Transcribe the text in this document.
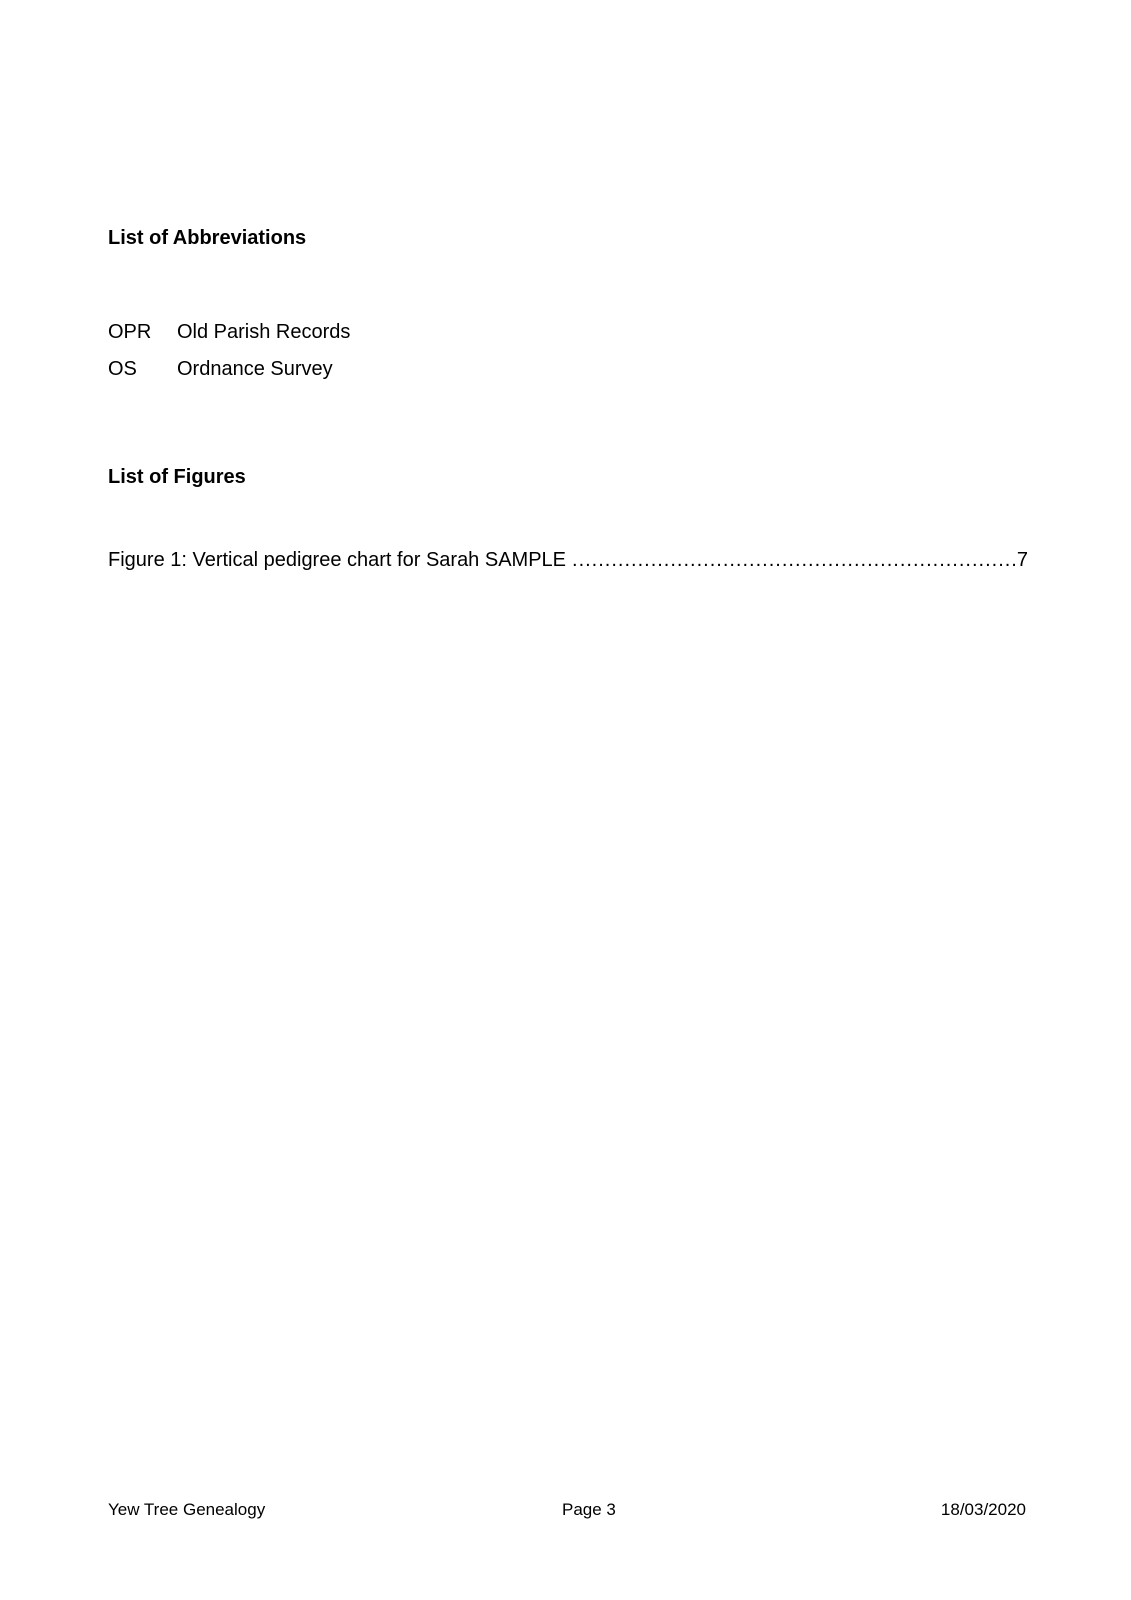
List of Abbreviations
OPR	Old Parish Records
OS	Ordnance Survey
List of Figures
Figure 1: Vertical pedigree chart for Sarah SAMPLE
.....	7
Yew Tree Genealogy	Page 3	18/03/2020
